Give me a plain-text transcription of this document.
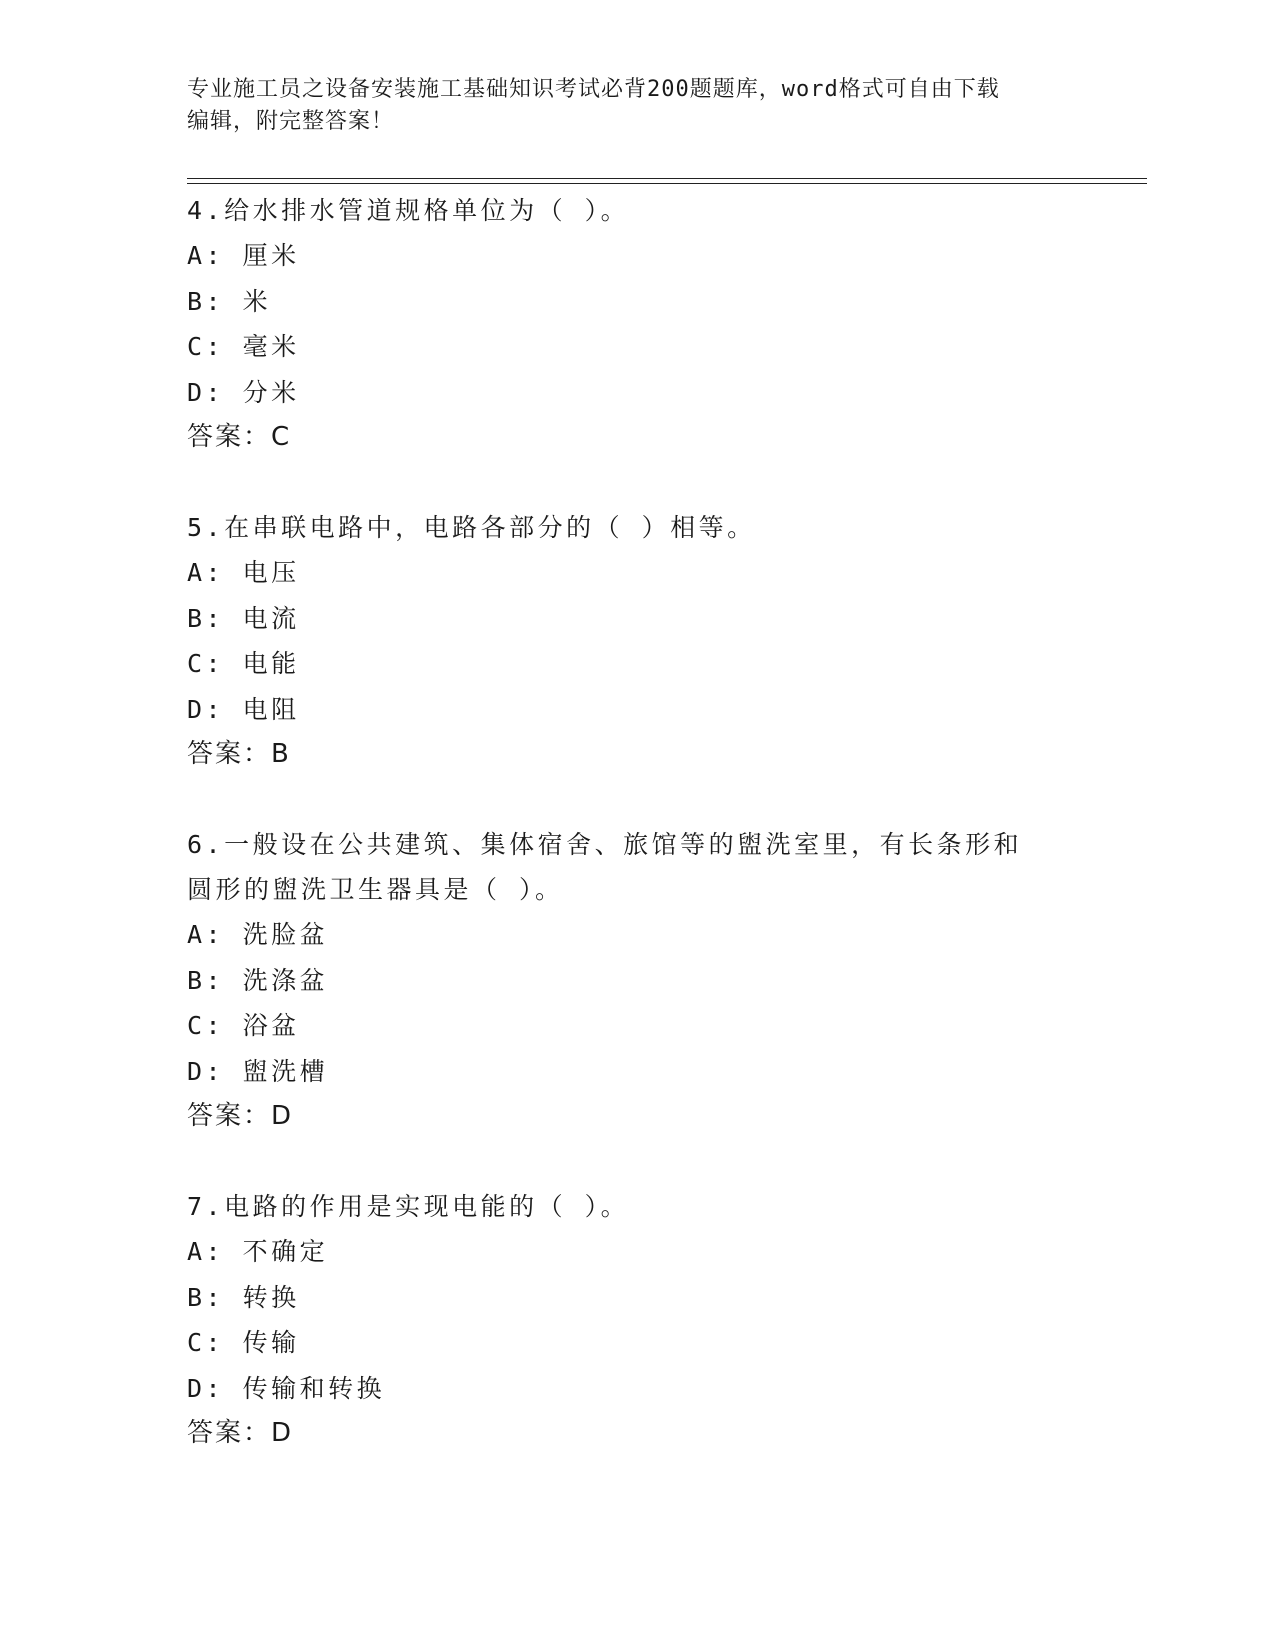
专业施工员之设备安装施工基础知识考试必背200题题库，word格式可自由下载
编辑，附完整答案！
4.给水排水管道规格单位为（ ）。
A: 厘米
B: 米
C: 毫米
D: 分米
答案：C
5.在串联电路中，电路各部分的（ ）相等。
A: 电压
B: 电流
C: 电能
D: 电阻
答案：B
6.一般设在公共建筑、集体宿舍、旅馆等的盥洗室里，有长条形和圆形的盥洗卫生器具是（ ）。
A: 洗脸盆
B: 洗涤盆
C: 浴盆
D: 盥洗槽
答案：D
7.电路的作用是实现电能的（ ）。
A: 不确定
B: 转换
C: 传输
D: 传输和转换
答案：D
